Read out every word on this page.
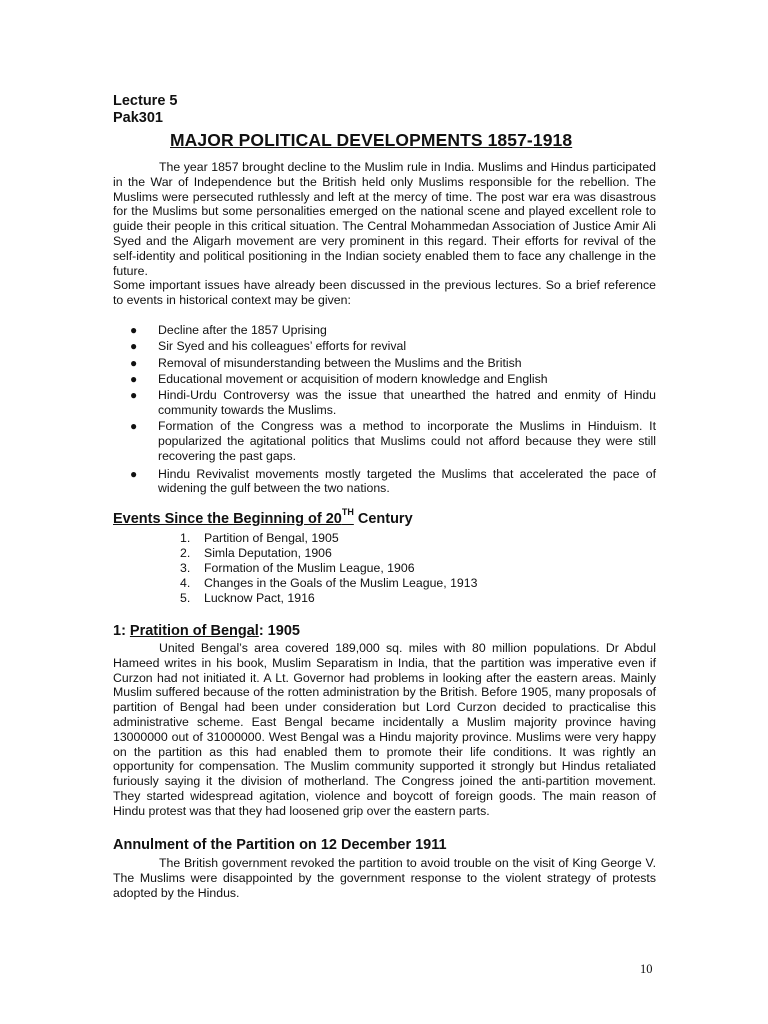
Lecture 5
Pak301
MAJOR POLITICAL DEVELOPMENTS 1857-1918

The year 1857 brought decline to the Muslim rule in India. Muslims and Hindus participated in the War of Independence but the British held only Muslims responsible for the rebellion. The Muslims were persecuted ruthlessly and left at the mercy of time. The post war era was disastrous for the Muslims but some personalities emerged on the national scene and played excellent role to guide their people in this critical situation. The Central Mohammedan Association of Justice Amir Ali Syed and the Aligarh movement are very prominent in this regard. Their efforts for revival of the self-identity and political positioning in the Indian society enabled them to face any challenge in the future.

Some important issues have already been discussed in the previous lectures. So a brief reference to events in historical context may be given:

● Decline after the 1857 Uprising
● Sir Syed and his colleagues’ efforts for revival
● Removal of misunderstanding between the Muslims and the British
● Educational movement or acquisition of modern knowledge and English
● Hindi-Urdu Controversy was the issue that unearthed the hatred and enmity of Hindu community towards the Muslims.
● Formation of the Congress was a method to incorporate the Muslims in Hinduism. It popularized the agitational politics that Muslims could not afford because they were still recovering the past gaps.
● Hindu Revivalist movements mostly targeted the Muslims that accelerated the pace of widening the gulf between the two nations.
Events Since the Beginning of 20TH Century
1. Partition of Bengal, 1905
2. Simla Deputation, 1906
3. Formation of the Muslim League, 1906
4. Changes in the Goals of the Muslim League, 1913
5. Lucknow Pact, 1916
1: Pratition of Bengal: 1905

United Bengal’s area covered 189,000 sq. miles with 80 million populations. Dr Abdul Hameed writes in his book, Muslim Separatism in India, that the partition was imperative even if Curzon had not initiated it. A Lt. Governor had problems in looking after the eastern areas. Mainly Muslim suffered because of the rotten administration by the British. Before 1905, many proposals of partition of Bengal had been under consideration but Lord Curzon decided to practicalise this administrative scheme. East Bengal became incidentally a Muslim majority province having 13000000 out of 31000000. West Bengal was a Hindu majority province. Muslims were very happy on the partition as this had enabled them to promote their life conditions. It was rightly an opportunity for compensation. The Muslim community supported it strongly but Hindus retaliated furiously saying it the division of motherland. The Congress joined the anti-partition movement. They started widespread agitation, violence and boycott of foreign goods. The main reason of Hindu protest was that they had loosened grip over the eastern parts.

Annulment of the Partition on 12 December 1911

The British government revoked the partition to avoid trouble on the visit of King George V. The Muslims were disappointed by the government response to the violent strategy of protests adopted by the Hindus.

10
